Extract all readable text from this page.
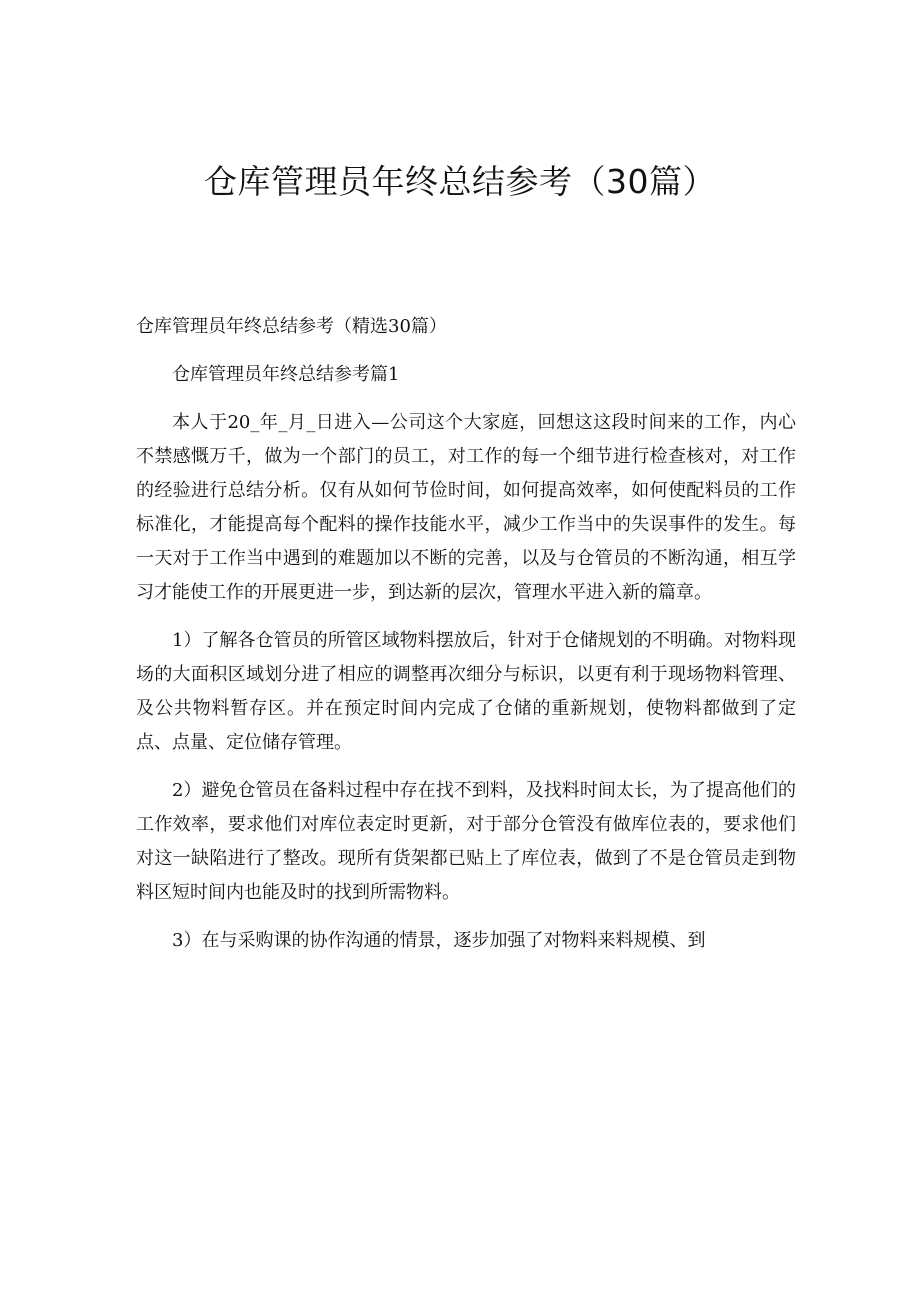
仓库管理员年终总结参考（30篇）

仓库管理员年终总结参考（精选30篇）

仓库管理员年终总结参考篇1

本人于20_年_月_日进入—公司这个大家庭，回想这这段时间来的工作，内心不禁感慨万千，做为一个部门的员工，对工作的每一个细节进行检查核对，对工作的经验进行总结分析。仅有从如何节俭时间，如何提高效率，如何使配料员的工作标准化，才能提高每个配料的操作技能水平，减少工作当中的失误事件的发生。每一天对于工作当中遇到的难题加以不断的完善，以及与仓管员的不断沟通，相互学习才能使工作的开展更进一步，到达新的层次，管理水平进入新的篇章。

1）了解各仓管员的所管区域物料摆放后，针对于仓储规划的不明确。对物料现场的大面积区域划分进了相应的调整再次细分与标识，以更有利于现场物料管理、及公共物料暂存区。并在预定时间内完成了仓储的重新规划，使物料都做到了定点、点量、定位储存管理。

2）避免仓管员在备料过程中存在找不到料，及找料时间太长，为了提高他们的工作效率，要求他们对库位表定时更新，对于部分仓管没有做库位表的，要求他们对这一缺陷进行了整改。现所有货架都已贴上了库位表，做到了不是仓管员走到物料区短时间内也能及时的找到所需物料。

3）在与采购课的协作沟通的情景，逐步加强了对物料来料规模、到
